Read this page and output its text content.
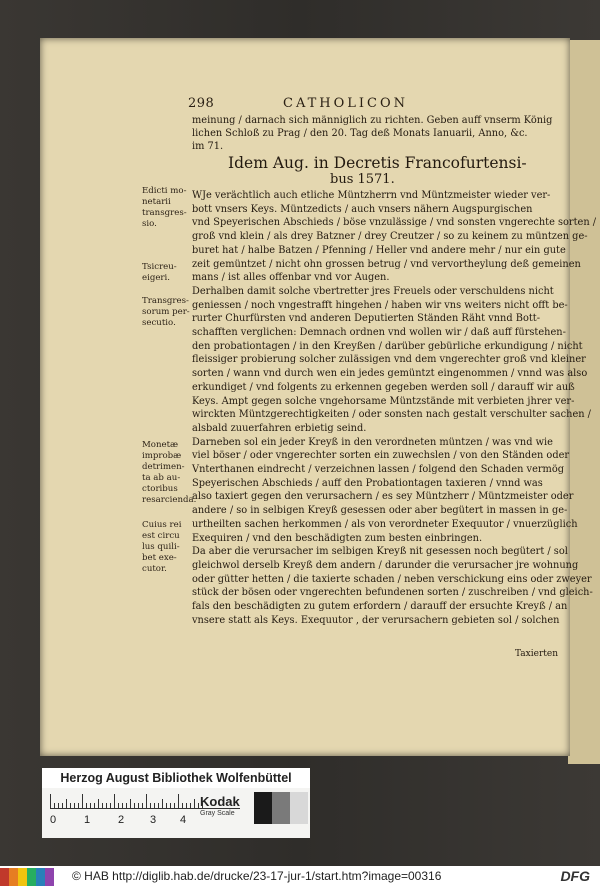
298	CATHOLICON
meinung / darnach sich männiglich zu richten. Geben auff vnserm König
lichen Schloß zu Prag / den 20. Tag deß Monats Ianuarii, Anno, &c.
im 71.
Idem Aug. in Decretis Francofurtensi-
bus 1571.
WJe verächtlich auch etliche Müntzherrn vnd Müntzmeister wieder ver-
bott vnsers Keys. Müntzedicts / auch vnsers nähern Augspurgischen
vnd Speyerischen Abschieds / böse vnzulässige / vnd sonsten vngerechte sorten /
groß vnd klein / als drey Batzner / drey Creutzer / so zu keinem zu müntzen ge-
buret hat / halbe Batzen / Pfenning / Heller vnd andere mehr / nur ein gute
zeit gemüntzet / nicht ohn grossen betrug / vnd vervortheylung deß gemeinen
mans / ist alles offenbar vnd vor Augen.
Derhalben damit solche vbertretter jres Freuels oder verschuldens nicht
geniessen / noch vngestrafft hingehen / haben wir vns weiters nicht offt be-
rurter Churfürsten vnd anderen Deputierten Ständen Räht vnnd Bott-
schafften verglichen: Demnach ordnen vnd wollen wir / daß auff fürstehen-
den probationtagen / in den Kreyßen / darüber gebürliche erkundigung / nicht
fleissiger probierung solcher zulässigen vnd dem vngerechter groß vnd kleiner
sorten / wann vnd durch wen ein jedes gemüntzt eingenommen / vnnd was also
erkundiget / vnd folgents zu erkennen gegeben werden soll / darauff wir auß
Keys. Ampt gegen solche vngehorsame Müntzstände mit verbieten jhrer ver-
wirckten Müntzgerechtigkeiten / oder sonsten nach gestalt verschulter sachen /
alsbald zuuerfahren erbietig seind.
Darneben sol ein jeder Kreyß in den verordneten müntzen / was vnd wie
viel böser / oder vngerechter sorten ein zuwechslen / von den Ständen oder
Vnterthanen eindrecht / verzeichnen lassen / folgend den Schaden vermög
Speyerischen Abschieds / auff den Probationtagen taxieren / vnnd was
also taxiert gegen den verursachern / es sey Müntzherr / Müntzmeister oder
andere / so in selbigen Kreyß gesessen oder aber begütert in massen in ge-
urtheilten sachen herkommen / als von verordneter Exequutor / vnuerzüglich
Exequiren / vnd den beschädigten zum besten einbringen.
Da aber die verursacher im selbigen Kreyß nit gesessen noch begütert / sol
gleichwol derselb Kreyß dem andern / darunder die verursacher jre wohnung
oder gütter hetten / die taxierte schaden / neben verschickung eins oder zweyer
stück der bösen oder vngerechten befundenen sorten / zuschreiben / vnd gleich-
fals den beschädigten zu gutem erfordern / darauff der ersuchte Kreyß / an
vnsere statt als Keys. Exequutor , der verursachern gebieten sol / solchen
Edicti mo-
netarii
transgres-
sio.
Tsicreu-
eigeri.
Transgres-
sorum per-
secutio.
Monetæ
improbæ
detrimen-
ta ab au-
ctoribus
resarcienda.
Cuius rei
est circu
lus quili-
bet exe-
cutor.
Taxierten
Herzog August Bibliothek Wolfenbüttel
0	1	2 3 4
Kodak
Gray Scale
© HAB http://diglib.hab.de/drucke/23-17-jur-1/start.htm?image=00316	DFG
